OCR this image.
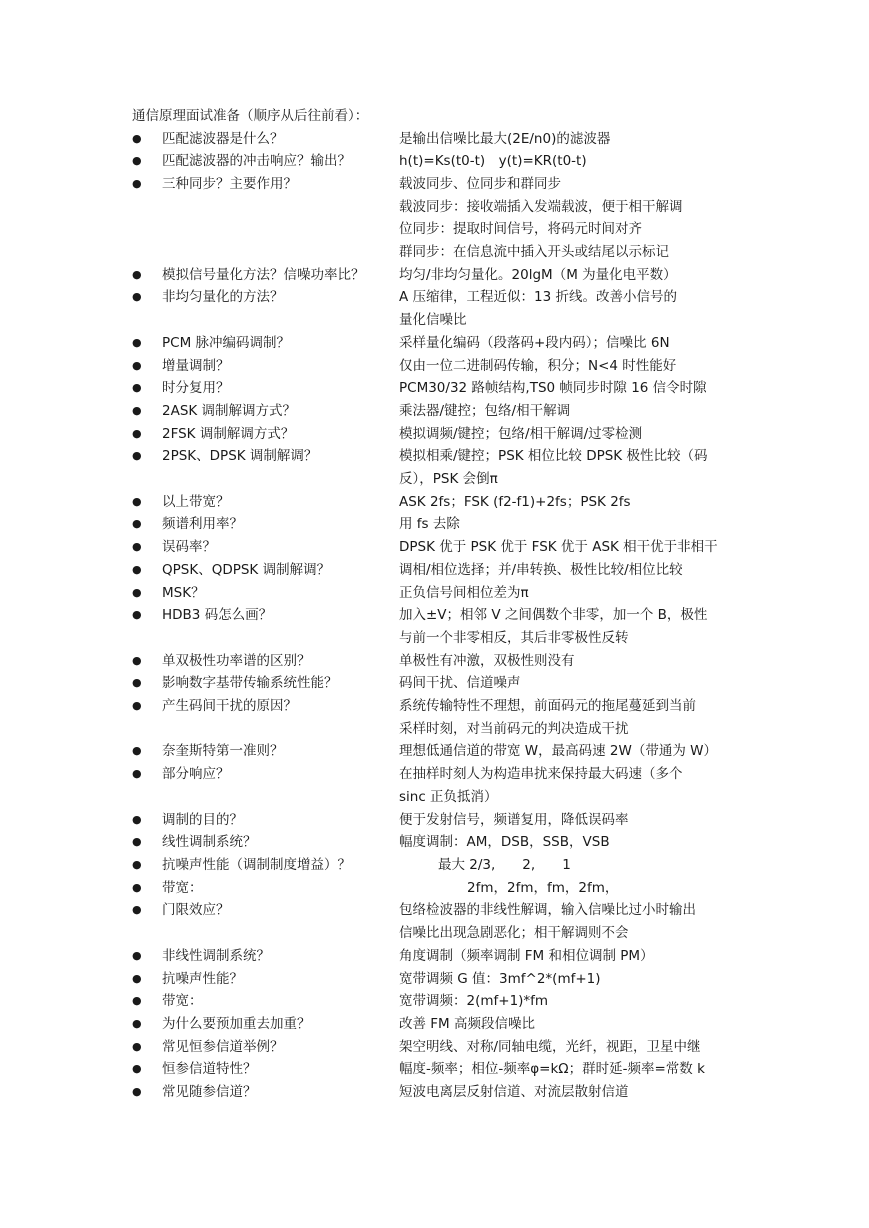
通信原理面试准备（顺序从后往前看）：
●	匹配滤波器是什么？	是输出信噪比最大(2E/n0)的滤波器
●	匹配滤波器的冲击响应？输出？	h(t)=Ks(t0-t)　y(t)=KR(t0-t)
●	三种同步？主要作用？	载波同步、位同步和群同步
载波同步：接收端插入发端载波，便于相干解调
位同步：提取时间信号，将码元时间对齐
群同步：在信息流中插入开头或结尾以示标记
●	模拟信号量化方法？信噪功率比？	均匀/非均匀量化。20lgM（M 为量化电平数）
●	非均匀量化的方法？	A 压缩律，工程近似：13 折线。改善小信号的
量化信噪比
●	PCM 脉冲编码调制？	采样量化编码（段落码+段内码）；信噪比 6N
●	增量调制？	仅由一位二进制码传输，积分；N<4 时性能好
●	时分复用？	PCM30/32 路帧结构,TS0 帧同步时隙 16 信令时隙
●	2ASK 调制解调方式？	乘法器/键控；包络/相干解调
●	2FSK 调制解调方式？	模拟调频/键控；包络/相干解调/过零检测
●	2PSK、DPSK 调制解调？	模拟相乘/键控；PSK 相位比较 DPSK 极性比较（码
反），PSK 会倒π
●	以上带宽？	ASK 2fs；FSK (f2-f1)+2fs；PSK 2fs
●	频谱利用率？	用 fs 去除
●	误码率？	DPSK 优于 PSK 优于 FSK 优于 ASK 相干优于非相干
●	QPSK、QDPSK 调制解调？	调相/相位选择；并/串转换、极性比较/相位比较
●	MSK？	正负信号间相位差为π
●	HDB3 码怎么画？	加入±V；相邻 V 之间偶数个非零，加一个 B，极性
与前一个非零相反，其后非零极性反转
●	单双极性功率谱的区别？	单极性有冲激，双极性则没有
●	影响数字基带传输系统性能？	码间干扰、信道噪声
●	产生码间干扰的原因？	系统传输特性不理想，前面码元的拖尾蔓延到当前
采样时刻，对当前码元的判决造成干扰
●	奈奎斯特第一准则？	理想低通信道的带宽 W，最高码速 2W（带通为 W）
●	部分响应？	在抽样时刻人为构造串扰来保持最大码速（多个
sinc 正负抵消）
●	调制的目的？	便于发射信号，频谱复用，降低误码率
●	线性调制系统？	幅度调制：AM，DSB，SSB，VSB
●	抗噪声性能（调制制度增益）？	最大 2/3,　　2,　　1
●	带宽：	2fm，2fm，fm，2fm，
●	门限效应？	包络检波器的非线性解调，输入信噪比过小时输出
信噪比出现急剧恶化；相干解调则不会
●	非线性调制系统？	角度调制（频率调制 FM 和相位调制 PM）
●	抗噪声性能？	宽带调频 G 值：3mf^2*(mf+1)
●	带宽：	宽带调频：2(mf+1)*fm
●	为什么要预加重去加重？	改善 FM 高频段信噪比
●	常见恒参信道举例？	架空明线、对称/同轴电缆，光纤，视距，卫星中继
●	恒参信道特性？	幅度-频率；相位-频率φ=kΩ；群时延-频率=常数 k
●	常见随参信道？	短波电离层反射信道、对流层散射信道
